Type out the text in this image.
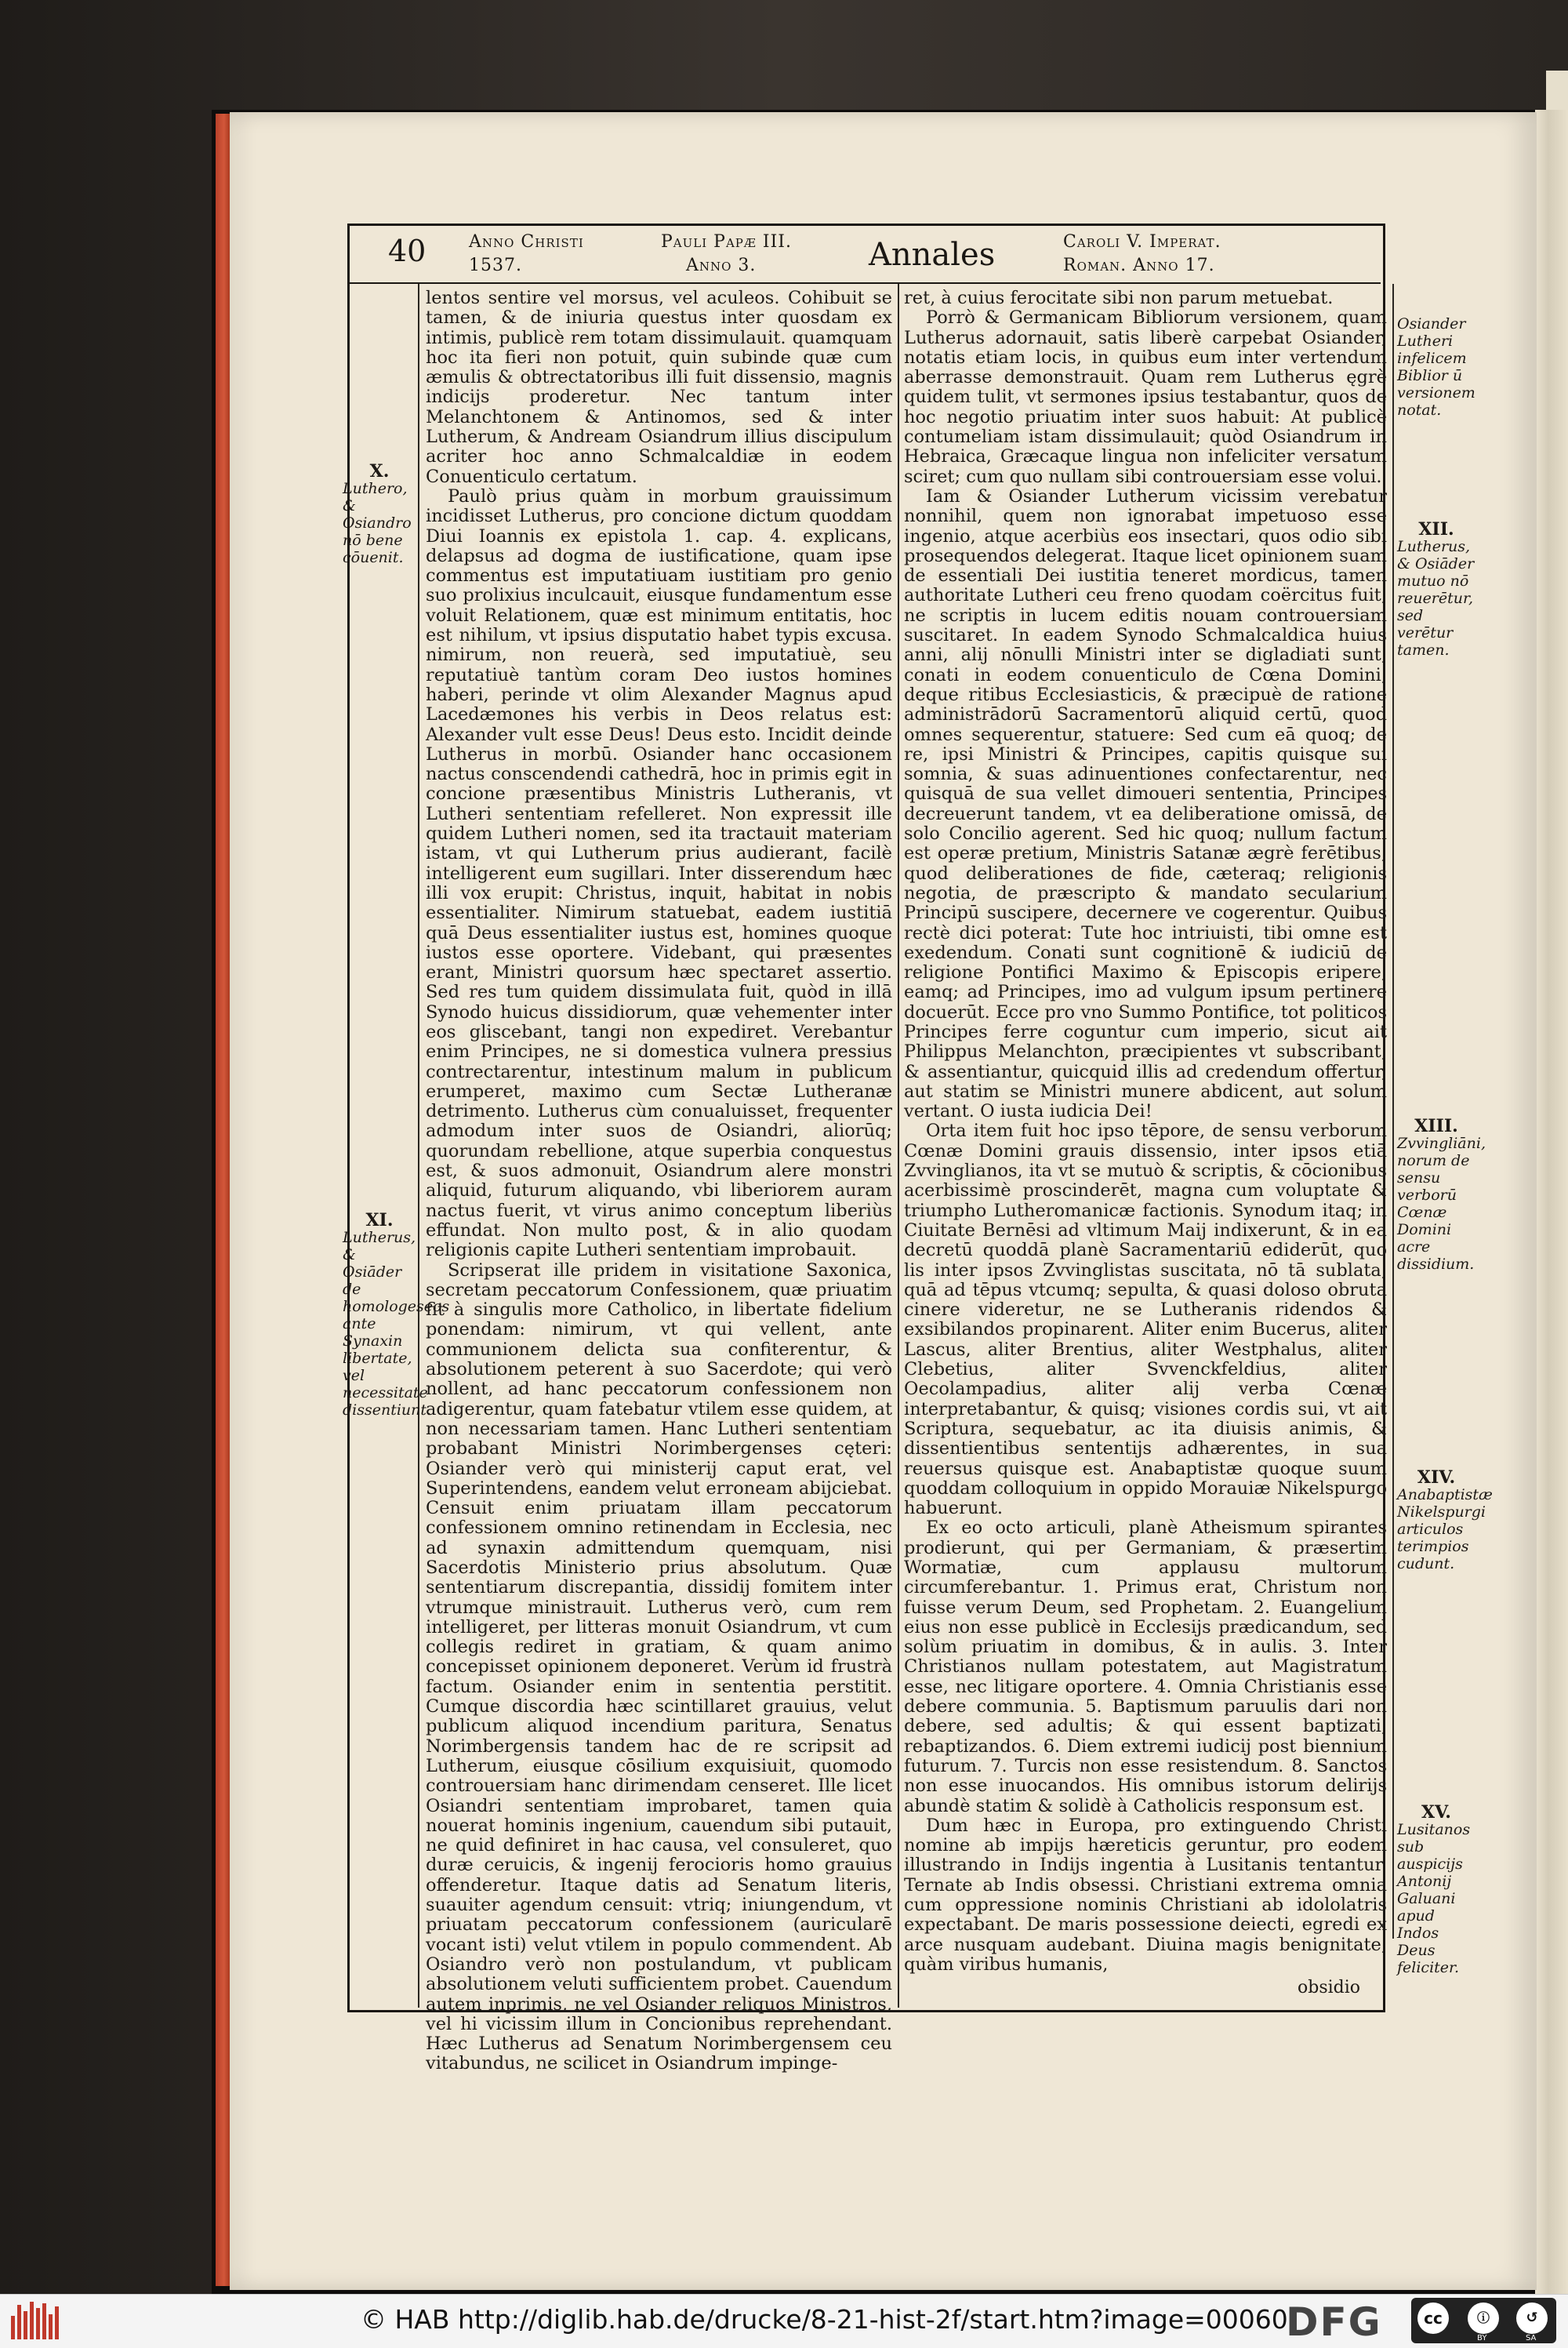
40 Anno Christi
1537.
Pauli Papæ III.
Anno 3.	Annales	Caroli V. Imperat.
Roman. Anno 17.
X.
Luthero, & Osiandro nō bene cōuenit.
XI.
Lutherus, & Osiāder de homologeseos ante Synaxin libertate, vel necessitate dissentiunt.

lentos sentire vel morsus, vel aculeos. Cohibuit se tamen, & de iniuria questus inter quosdam ex intimis, publicè rem totam dissimulauit. quamquam hoc ita fieri non potuit, quin subinde quæ cum æmulis & obtrectatoribus illi fuit dissensio, magnis indicijs proderetur. Nec tantum inter Melanchtonem & Antinomos, sed & inter Lutherum, & Andream Osiandrum illius discipulum acriter hoc anno Schmalcaldiæ in eodem Conuenticulo certatum.

Paulò prius quàm in morbum grauissimum incidisset Lutherus, pro concione dictum quoddam Diui Ioannis ex epistola 1. cap. 4. explicans, delapsus ad dogma de iustificatione, quam ipse commentus est imputatiuam iustitiam pro genio suo prolixius inculcauit, eiusque fundamentum esse voluit Relationem, quæ est minimum entitatis, hoc est nihilum, vt ipsius disputatio habet typis excusa. nimirum, non reuerà, sed imputatiuè, seu reputatiuè tantùm coram Deo iustos homines haberi, perinde vt olim Alexander Magnus apud Lacedæmones his verbis in Deos relatus est: Alexander vult esse Deus! Deus esto. Incidit deinde Lutherus in morbū. Osiander hanc occasionem nactus conscendendi cathedrā, hoc in primis egit in concione præsentibus Ministris Lutheranis, vt Lutheri sententiam refelleret. Non expressit ille quidem Lutheri nomen, sed ita tractauit materiam istam, vt qui Lutherum prius audierant, facilè intelligerent eum sugillari. Inter disserendum hæc illi vox erupit: Christus, inquit, habitat in nobis essentialiter. Nimirum statuebat, eadem iustitiā quā Deus essentialiter iustus est, homines quoque iustos esse oportere. Videbant, qui præsentes erant, Ministri quorsum hæc spectaret assertio. Sed res tum quidem dissimulata fuit, quòd in illā Synodo huicus dissidiorum, quæ vehementer inter eos gliscebant, tangi non expediret. Verebantur enim Principes, ne si domestica vulnera pressius contrectarentur, intestinum malum in publicum erumperet, maximo cum Sectæ Lutheranæ detrimento. Lutherus cùm conualuisset, frequenter admodum inter suos de Osiandri, aliorūq; quorundam rebellione, atque superbia conquestus est, & suos admonuit, Osiandrum alere monstri aliquid, futurum aliquando, vbi liberiorem auram nactus fuerit, vt virus animo conceptum liberiùs effundat. Non multo post, & in alio quodam religionis capite Lutheri sententiam improbauit.

Scripserat ille pridem in visitatione Saxonica, secretam peccatorum Confessionem, quæ priuatim fit à singulis more Catholico, in libertate fidelium ponendam: nimirum, vt qui vellent, ante communionem delicta sua confiterentur, & absolutionem peterent à suo Sacerdote; qui verò nollent, ad hanc peccatorum confessionem non adigerentur, quam fatebatur vtilem esse quidem, at non necessariam tamen. Hanc Lutheri sententiam probabant Ministri Norimbergenses cęteri: Osiander verò qui ministerij caput erat, vel Superintendens, eandem velut erroneam abijciebat. Censuit enim priuatam illam peccatorum confessionem omnino retinendam in Ecclesia, nec ad synaxin admittendum quemquam, nisi Sacerdotis Ministerio prius absolutum. Quæ sententiarum discrepantia, dissidij fomitem inter vtrumque ministrauit. Lutherus verò, cum rem intelligeret, per litteras monuit Osiandrum, vt cum collegis rediret in gratiam, & quam animo concepisset opinionem deponeret. Verùm id frustrà factum. Osiander enim in sententia perstitit. Cumque discordia hæc scintillaret grauius, velut publicum aliquod incendium paritura, Senatus Norimbergensis tandem hac de re scripsit ad Lutherum, eiusque cōsilium exquisiuit, quomodo controuersiam hanc dirimendam censeret. Ille licet Osiandri sententiam improbaret, tamen quia nouerat hominis ingenium, cauendum sibi putauit, ne quid definiret in hac causa, vel consuleret, quo duræ ceruicis, & ingenij ferocioris homo grauius offenderetur. Itaque datis ad Senatum literis, suauiter agendum censuit: vtriq; iniungendum, vt priuatam peccatorum confessionem (auricularē vocant isti) velut vtilem in populo commendent. Ab Osiandro verò non postulandum, vt publicam absolutionem veluti sufficientem probet. Cauendum autem inprimis, ne vel Osiander reliquos Ministros, vel hi vicissim illum in Concionibus reprehendant. Hæc Lutherus ad Senatum Norimbergensem ceu vitabundus, ne scilicet in Osiandrum impinge-

ret, à cuius ferocitate sibi non parum metuebat.

Porrò & Germanicam Bibliorum versionem, quam Lutherus adornauit, satis liberè carpebat Osiander, notatis etiam locis, in quibus eum inter vertendum aberrasse demonstrauit. Quam rem Lutherus ęgrè quidem tulit, vt sermones ipsius testabantur, quos de hoc negotio priuatim inter suos habuit: At publicè contumeliam istam dissimulauit; quòd Osiandrum in Hebraica, Græcaque lingua non infeliciter versatum sciret; cum quo nullam sibi controuersiam esse volui.

Iam & Osiander Lutherum vicissim verebatur nonnihil, quem non ignorabat impetuoso esse ingenio, atque acerbiùs eos insectari, quos odio sibi prosequendos delegerat. Itaque licet opinionem suam de essentiali Dei iustitia teneret mordicus, tamen authoritate Lutheri ceu freno quodam coërcitus fuit, ne scriptis in lucem editis nouam controuersiam suscitaret. In eadem Synodo Schmalcaldica huius anni, alij nōnulli Ministri inter se digladiati sunt, conati in eodem conuenticulo de Cœna Domini, deque ritibus Ecclesiasticis, & præcipuè de ratione administrādorū Sacramentorū aliquid certū, quod omnes sequerentur, statuere: Sed cum eā quoq; de re, ipsi Ministri & Principes, capitis quisque sui somnia, & suas adinuentiones confectarentur, nec quisquā de sua vellet dimoueri sententia, Principes decreuerunt tandem, vt ea deliberatione omissā, de solo Concilio agerent. Sed hic quoq; nullum factum est operæ pretium, Ministris Satanæ ægrè ferētibus, quod deliberationes de fide, cæteraq; religionis negotia, de præscripto & mandato secularium Principū suscipere, decernere ve cogerentur. Quibus rectè dici poterat: Tute hoc intriuisti, tibi omne est exedendum. Conati sunt cognitionē & iudiciū de religione Pontifici Maximo & Episcopis eripere, eamq; ad Principes, imo ad vulgum ipsum pertinere docuerūt. Ecce pro vno Summo Pontifice, tot politicos Principes ferre coguntur cum imperio, sicut ait Philippus Melanchton, præcipientes vt subscribant, & assentiantur, quicquid illis ad credendum offertur, aut statim se Ministri munere abdicent, aut solum vertant. O iusta iudicia Dei!

Orta item fuit hoc ipso tēpore, de sensu verborum Cœnæ Domini grauis dissensio, inter ipsos etiā Zvvinglianos, ita vt se mutuò & scriptis, & cōcionibus acerbissimè proscinderēt, magna cum voluptate & triumpho Lutheromanicæ factionis. Synodum itaq; in Ciuitate Bernēsi ad vltimum Maij indixerunt, & in ea decretū quoddā planè Sacramentariū ediderūt, quo lis inter ipsos Zvvinglistas suscitata, nō tā sublata, quā ad tēpus vtcumq; sepulta, & quasi doloso obruta cinere videretur, ne se Lutheranis ridendos & exsibilandos propinarent. Aliter enim Bucerus, aliter Lascus, aliter Brentius, aliter Westphalus, aliter Clebetius, aliter Svvenckfeldius, aliter Oecolampadius, aliter alij verba Cœnæ interpretabantur, & quisq; visiones cordis sui, vt ait Scriptura, sequebatur, ac ita diuisis animis, & dissentientibus sententijs adhærentes, in sua reuersus quisque est. Anabaptistæ quoque suum quoddam colloquium in oppido Morauiæ Nikelspurgo habuerunt.

Ex eo octo articuli, planè Atheismum spirantes prodierunt, qui per Germaniam, & præsertim Wormatiæ, cum applausu multorum circumferebantur. 1. Primus erat, Christum non fuisse verum Deum, sed Prophetam. 2. Euangelium eius non esse publicè in Ecclesijs prædicandum, sed solùm priuatim in domibus, & in aulis. 3. Inter Christianos nullam potestatem, aut Magistratum esse, nec litigare oportere. 4. Omnia Christianis esse debere communia. 5. Baptismum paruulis dari non debere, sed adultis; & qui essent baptizati, rebaptizandos. 6. Diem extremi iudicij post biennium futurum. 7. Turcis non esse resistendum. 8. Sanctos non esse inuocandos. His omnibus istorum delirijs abundè statim & solidè à Catholicis responsum est.

Dum hæc in Europa, pro extinguendo Christi nomine ab impijs hæreticis geruntur, pro eodem illustrando in Indijs ingentia à Lusitanis tentantur. Ternate ab Indis obsessi. Christiani extrema omnia cum oppressione nominis Christiani ab idololatris expectabant. De maris possessione deiecti, egredi ex arce nusquam audebant. Diuina magis benignitate, quàm viribus humanis,

obsidio
Osiander Lutheri infelicem Biblior ū versionem notat.
XII.
Lutherus, & Osiāder mutuo nō reuerētur, sed verētur tamen.
XIII.
Zvvingliāni, norum de sensu verborū Cœnæ Domini acre dissidium.
XIV.
Anabaptistæ Nikelspurgi articulos terimpios cudunt.
XV.
Lusitanos sub auspicijs Antonij Galuani apud Indos Deus feliciter.
© HAB http://diglib.hab.de/drucke/8-21-hist-2f/start.htm?image=00060
DFG	cc	ⓘ	↺
BY	SA
